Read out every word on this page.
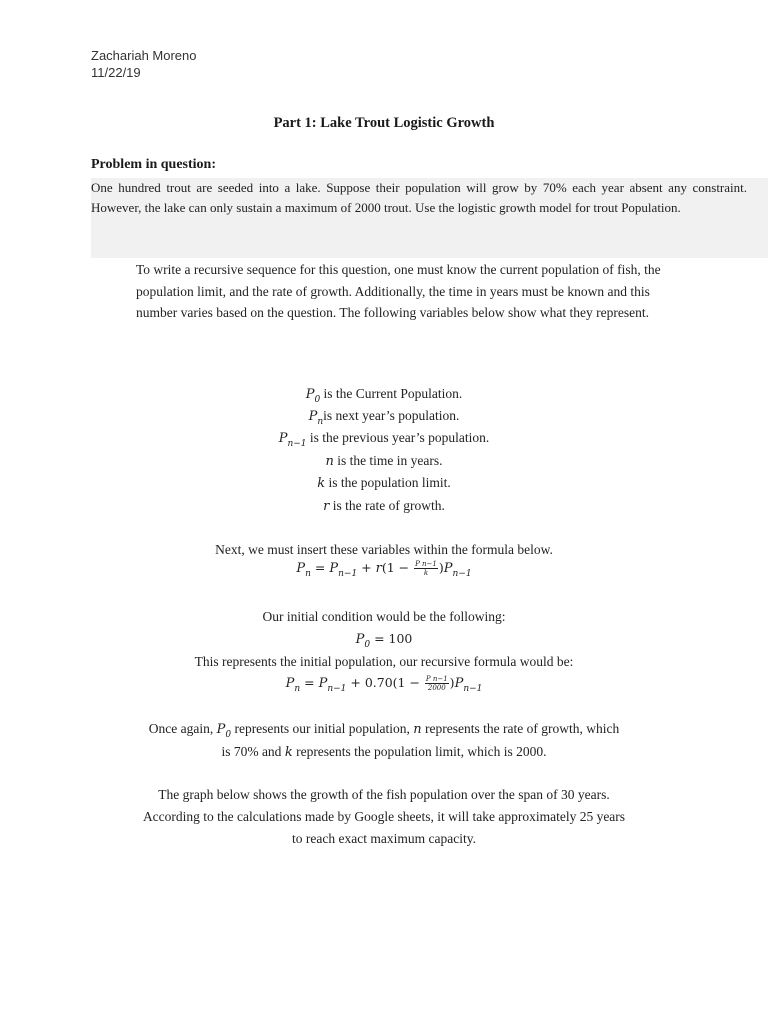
Zachariah Moreno
11/22/19
Part 1: Lake Trout Logistic Growth
Problem in question:
One hundred trout are seeded into a lake. Suppose their population will grow by 70% each year absent any constraint. However, the lake can only sustain a maximum of 2000 trout. Use the logistic growth model for trout Population.
To write a recursive sequence for this question, one must know the current population of fish, the population limit, and the rate of growth. Additionally, the time in years must be known and this number varies based on the question. The following variables below show what they represent.
$P_0$ is the Current Population.
$P_nis$ next year’s population.
$P_{n-1}$ is the previous year’s population.
n is the time in years.
k is the population limit.
r is the rate of growth.
Next, we must insert these variables within the formula below.
$P_n = P_{n-1} + r(1 - \frac{\text{P n−1}}{k} )P_{n-1}$
Our initial condition would be the following:
$P_0 = 100$
This represents the initial population, our recursive formula would be:
$P_n = P_{n-1} + 0.70(1 - \frac{\text{P n−1}}{2000} )P_{n-1}$
Once again, $P_0$ represents our initial population, n represents the rate of growth, which
is 70% and k represents the population limit, which is 2000.
The graph below shows the growth of the fish population over the span of 30 years.
According to the calculations made by Google sheets, it will take approximately 25 years
to reach exact maximum capacity.
